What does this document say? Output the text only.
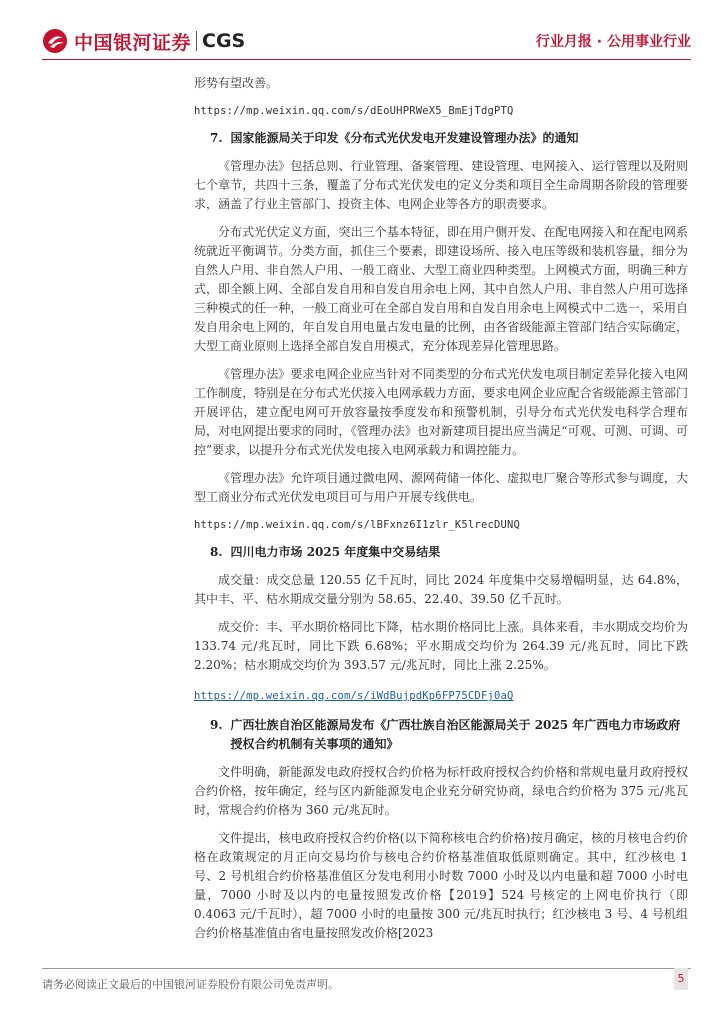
中国银河证券 CGS	行业月报 · 公用事业行业

形势有望改善。

https://mp.weixin.qq.com/s/dEoUHPRWeX5_BmEjTdgPTQ
7. 国家能源局关于印发《分布式光伏发电开发建设管理办法》的通知

《管理办法》包括总则、行业管理、备案管理、建设管理、电网接入、运行管理以及附则七个章节，共四十三条，覆盖了分布式光伏发电的定义分类和项目全生命周期各阶段的管理要求，涵盖了行业主管部门、投资主体、电网企业等各方的职责要求。

分布式光伏定义方面，突出三个基本特征，即在用户侧开发、在配电网接入和在配电网系统就近平衡调节。分类方面，抓住三个要素，即建设场所、接入电压等级和装机容量，细分为自然人户用、非自然人户用、一般工商业、大型工商业四种类型。上网模式方面，明确三种方式，即全额上网、全部自发自用和自发自用余电上网，其中自然人户用、非自然人户用可选择三种模式的任一种，一般工商业可在全部自发自用和自发自用余电上网模式中二选一，采用自发自用余电上网的，年自发自用电量占发电量的比例，由各省级能源主管部门结合实际确定，大型工商业原则上选择全部自发自用模式，充分体现差异化管理思路。

《管理办法》要求电网企业应当针对不同类型的分布式光伏发电项目制定差异化接入电网工作制度，特别是在分布式光伏接入电网承载力方面，要求电网企业应配合省级能源主管部门开展评估，建立配电网可开放容量按季度发布和预警机制，引导分布式光伏发电科学合理布局，对电网提出要求的同时，《管理办法》也对新建项目提出应当满足“可观、可测、可调、可控”要求，以提升分布式光伏发电接入电网承载力和调控能力。

《管理办法》允许项目通过微电网、源网荷储一体化、虚拟电厂聚合等形式参与调度，大型工商业分布式光伏发电项目可与用户开展专线供电。

https://mp.weixin.qq.com/s/lBFxnz6I1zlr_K5lrecDUNQ
8. 四川电力市场 2025 年度集中交易结果

成交量：成交总量 120.55 亿千瓦时，同比 2024 年度集中交易增幅明显，达 64.8%，其中丰、平、枯水期成交量分别为 58.65、22.40、39.50 亿千瓦时。

成交价：丰、平水期价格同比下降，枯水期价格同比上涨。具体来看，丰水期成交均价为 133.74 元/兆瓦时，同比下跌 6.68%；平水期成交均价为 264.39 元/兆瓦时，同比下跌 2.20%；枯水期成交均价为 393.57 元/兆瓦时，同比上涨 2.25%。

https://mp.weixin.qq.com/s/iWdBujpdKp6FP75CDFj0aQ
9. 广西壮族自治区能源局发布《广西壮族自治区能源局关于 2025 年广西电力市场政府授权合约机制有关事项的通知》

文件明确，新能源发电政府授权合约价格为标杆政府授权合约价格和常规电量月政府授权合约价格，按年确定，经与区内新能源发电企业充分研究协商，绿电合约价格为 375 元/兆瓦时，常规合约价格为 360 元/兆瓦时。

文件提出，核电政府授权合约价格(以下简称核电合约价格)按月确定，核的月核电合约价格在政策规定的月正向交易均价与核电合约价格基准值取低原则确定。其中，红沙核电 1 号、2 号机组合约价格基准值区分发电利用小时数 7000 小时及以内电量和超 7000 小时电量，7000 小时及以内的电量按照发改价格【2019】524 号核定的上网电价执行（即 0.4063 元/千瓦时），超 7000 小时的电量按 300 元/兆瓦时执行；红沙核电 3 号、4 号机组合约价格基准值由省电量按照发改价格[2023

请务必阅读正文最后的中国银河证券股份有限公司免责声明。	5
